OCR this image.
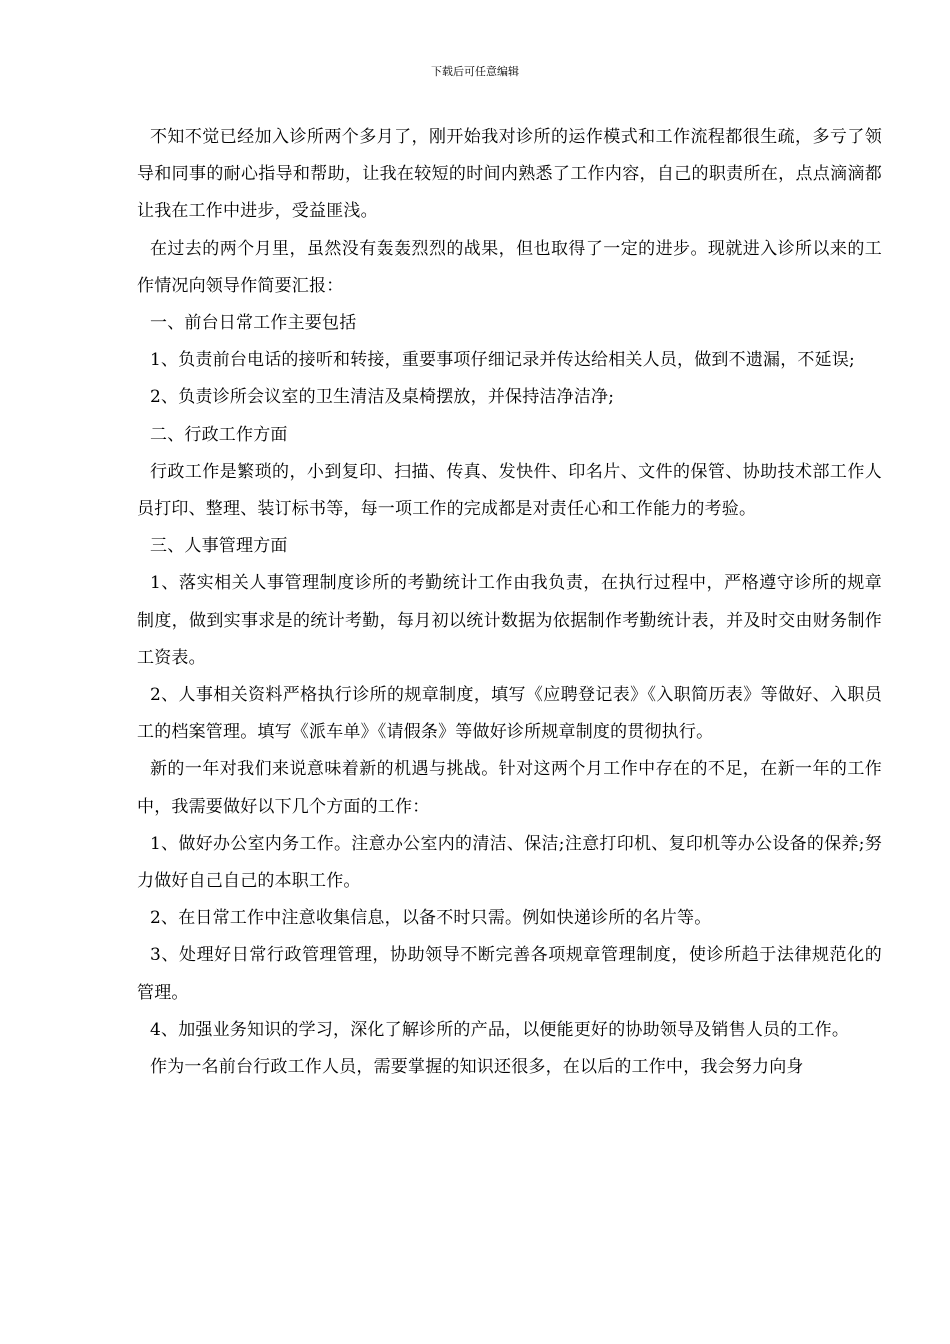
下载后可任意编辑

不知不觉已经加入诊所两个多月了，刚开始我对诊所的运作模式和工作流程都很生疏，多亏了领导和同事的耐心指导和帮助，让我在较短的时间内熟悉了工作内容，自己的职责所在，点点滴滴都让我在工作中进步，受益匪浅。

在过去的两个月里，虽然没有轰轰烈烈的战果，但也取得了一定的进步。现就进入诊所以来的工作情况向领导作简要汇报：

一、前台日常工作主要包括

1、负责前台电话的接听和转接，重要事项仔细记录并传达给相关人员，做到不遗漏，不延误;

2、负责诊所会议室的卫生清洁及桌椅摆放，并保持洁净洁净;

二、行政工作方面

行政工作是繁琐的，小到复印、扫描、传真、发快件、印名片、文件的保管、协助技术部工作人员打印、整理、装订标书等，每一项工作的完成都是对责任心和工作能力的考验。

三、人事管理方面

1、落实相关人事管理制度诊所的考勤统计工作由我负责，在执行过程中，严格遵守诊所的规章制度，做到实事求是的统计考勤，每月初以统计数据为依据制作考勤统计表，并及时交由财务制作工资表。

2、人事相关资料严格执行诊所的规章制度，填写《应聘登记表》《入职简历表》等做好、入职员工的档案管理。填写《派车单》《请假条》等做好诊所规章制度的贯彻执行。

新的一年对我们来说意味着新的机遇与挑战。针对这两个月工作中存在的不足，在新一年的工作中，我需要做好以下几个方面的工作：

1、做好办公室内务工作。注意办公室内的清洁、保洁;注意打印机、复印机等办公设备的保养;努力做好自己自己的本职工作。

2、在日常工作中注意收集信息，以备不时只需。例如快递诊所的名片等。

3、处理好日常行政管理管理，协助领导不断完善各项规章管理制度，使诊所趋于法律规范化的管理。

4、加强业务知识的学习，深化了解诊所的产品，以便能更好的协助领导及销售人员的工作。

作为一名前台行政工作人员，需要掌握的知识还很多，在以后的工作中，我会努力向身
